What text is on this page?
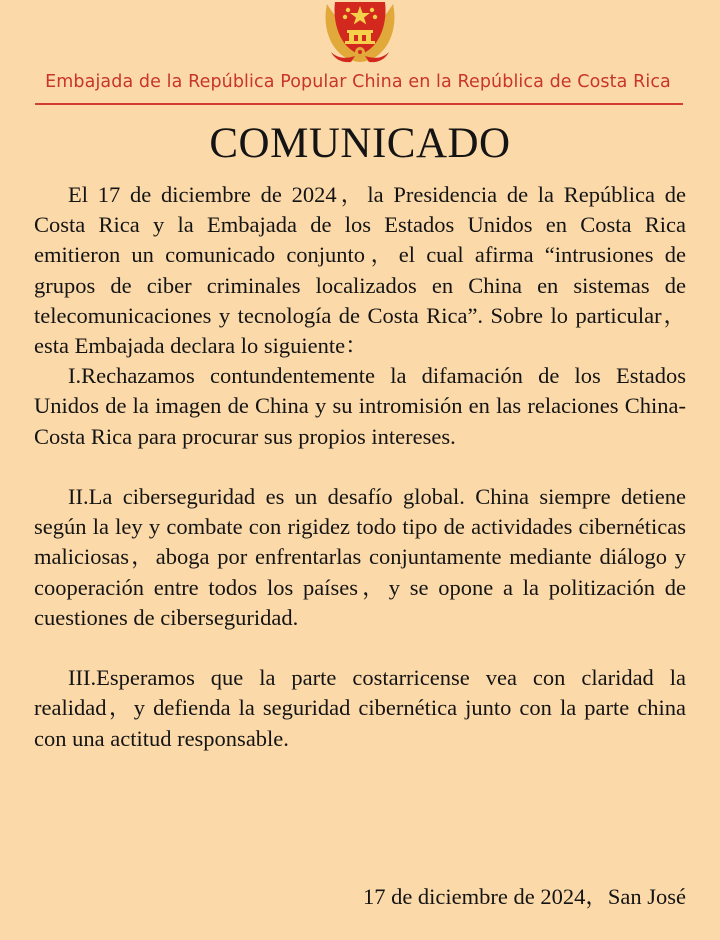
Embajada de la República Popular China en la República de Costa Rica
COMUNICADO

El 17 de diciembre de 2024，la Presidencia de la República de Costa Rica y la Embajada de los Estados Unidos en Costa Rica emitieron un comunicado conjunto，el cual afirma “intrusiones de grupos de ciber criminales localizados en China en sistemas de telecomunicaciones y tecnología de Costa Rica”. Sobre lo particular，esta Embajada declara lo siguiente：

I.Rechazamos contundentemente la difamación de los Estados Unidos de la imagen de China y su intromisión en las relaciones China-Costa Rica para procurar sus propios intereses.

II.La ciberseguridad es un desafío global. China siempre detiene según la ley y combate con rigidez todo tipo de actividades cibernéticas maliciosas，aboga por enfrentarlas conjuntamente mediante diálogo y cooperación entre todos los países，y se opone a la politización de cuestiones de ciberseguridad.

III.Esperamos que la parte costarricense vea con claridad la realidad，y defienda la seguridad cibernética junto con la parte china con una actitud responsable.

17 de diciembre de 2024，San José
